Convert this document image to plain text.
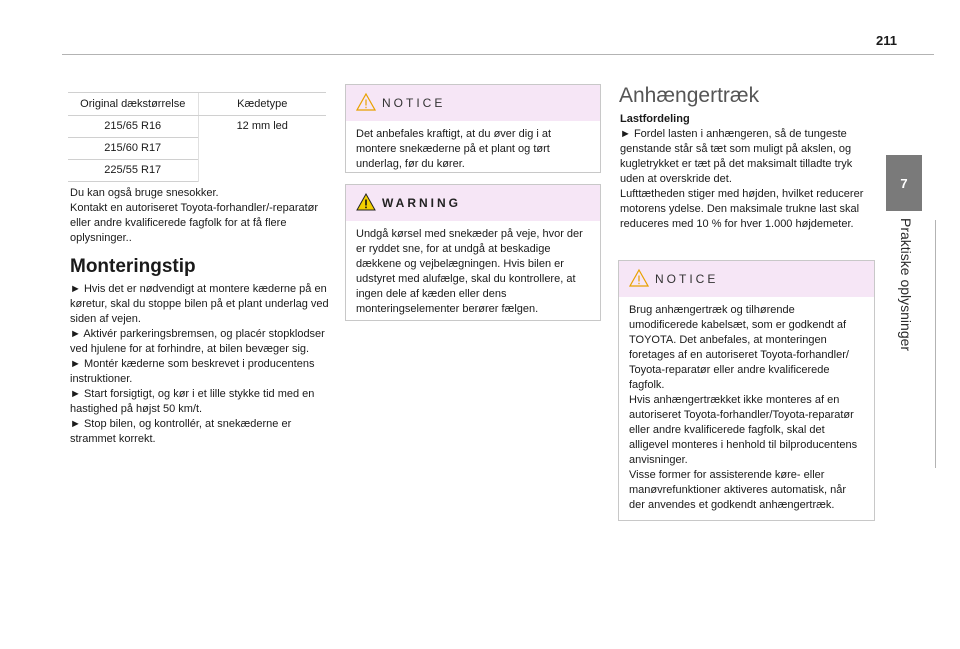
211
7
Praktiske oplysninger
Original dækstørrelse	Kædetype
215/65 R16	12 mm led
215/60 R17	
225/55 R17	
Du kan også bruge snesokker.
Kontakt en autoriseret Toyota-forhandler/-reparatør eller andre kvalificerede fagfolk for at få flere oplysninger..
Monteringstip
► Hvis det er nødvendigt at montere kæderne på en køretur, skal du stoppe bilen på et plant underlag ved siden af vejen.
► Aktivér parkeringsbremsen, og placér stopklodser ved hjulene for at forhindre, at bilen bevæger sig.
► Montér kæderne som beskrevet i producentens instruktioner.
► Start forsigtigt, og kør i et lille stykke tid med en hastighed på højst 50 km/t.
► Stop bilen, og kontrollér, at snekæderne er strammet korrekt.
NOTICE
Det anbefales kraftigt, at du øver dig i at montere snekæderne på et plant og tørt underlag, før du kører.
WARNING
Undgå kørsel med snekæder på veje, hvor der er ryddet sne, for at undgå at beskadige dækkene og vejbelægningen. Hvis bilen er udstyret med alufælge, skal du kontrollere, at ingen dele af kæden eller dens monteringselementer berører fælgen.
Anhængertræk
Lastfordeling
► Fordel lasten i anhængeren, så de tungeste genstande står så tæt som muligt på akslen, og kugletrykket er tæt på det maksimalt tilladte tryk uden at overskride det.
Lufttætheden stiger med højden, hvilket reducerer motorens ydelse. Den maksimale trukne last skal reduceres med 10 % for hver 1.000 højdemeter.
NOTICE
Brug anhængertræk og tilhørende umodificerede kabelsæt, som er godkendt af TOYOTA. Det anbefales, at monteringen foretages af en autoriseret Toyota-forhandler/ Toyota-reparatør eller andre kvalificerede fagfolk.
Hvis anhængertrækket ikke monteres af en autoriseret Toyota-forhandler/Toyota-reparatør eller andre kvalificerede fagfolk, skal det alligevel monteres i henhold til bilproducentens anvisninger.
Visse former for assisterende køre- eller manøvrefunktioner aktiveres automatisk, når der anvendes et godkendt anhængertræk.
